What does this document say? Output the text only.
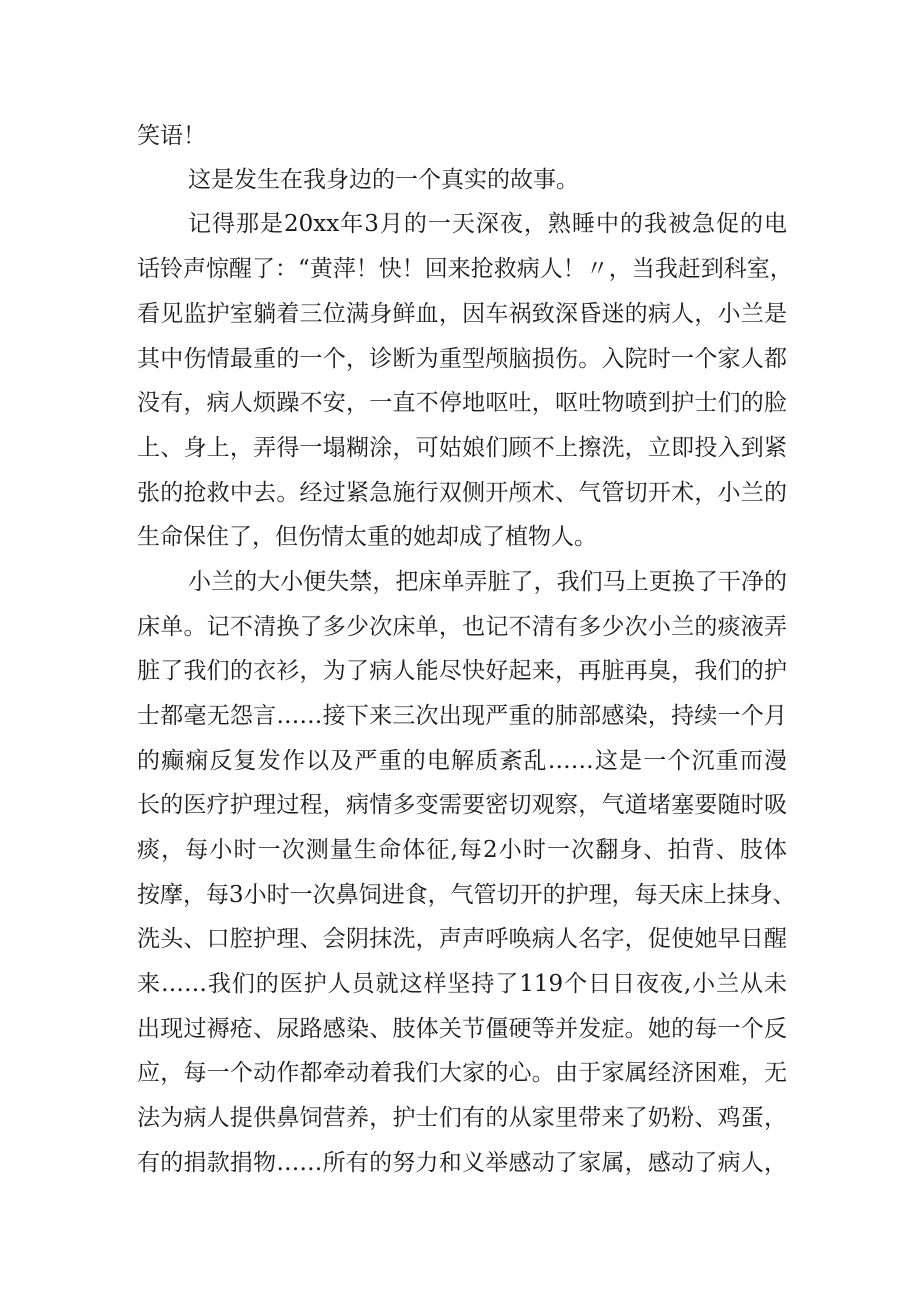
笑语！
这是发生在我身边的一个真实的故事。
记得那是20xx年3月的一天深夜，熟睡中的我被急促的电
话铃声惊醒了：“黄萍！快！回来抢救病人！〃，当我赶到科室，
看见监护室躺着三位满身鲜血，因车祸致深昏迷的病人，小兰是
其中伤情最重的一个，诊断为重型颅脑损伤。入院时一个家人都
没有，病人烦躁不安，一直不停地呕吐，呕吐物喷到护士们的脸
上、身上，弄得一塌糊涂，可姑娘们顾不上擦洗，立即投入到紧
张的抢救中去。经过紧急施行双侧开颅术、气管切开术，小兰的
生命保住了，但伤情太重的她却成了植物人。
小兰的大小便失禁，把床单弄脏了，我们马上更换了干净的
床单。记不清换了多少次床单，也记不清有多少次小兰的痰液弄
脏了我们的衣衫，为了病人能尽快好起来，再脏再臭，我们的护
士都毫无怨言……接下来三次出现严重的肺部感染，持续一个月
的癫痫反复发作以及严重的电解质紊乱……这是一个沉重而漫
长的医疗护理过程，病情多变需要密切观察，气道堵塞要随时吸
痰，每小时一次测量生命体征,每2小时一次翻身、拍背、肢体
按摩，每3小时一次鼻饲进食，气管切开的护理，每天床上抹身、
洗头、口腔护理、会阴抹洗，声声呼唤病人名字，促使她早日醒
来……我们的医护人员就这样坚持了119个日日夜夜,小兰从未
出现过褥疮、尿路感染、肢体关节僵硬等并发症。她的每一个反
应，每一个动作都牵动着我们大家的心。由于家属经济困难，无
法为病人提供鼻饲营养，护士们有的从家里带来了奶粉、鸡蛋，
有的捐款捐物……所有的努力和义举感动了家属，感动了病人，
